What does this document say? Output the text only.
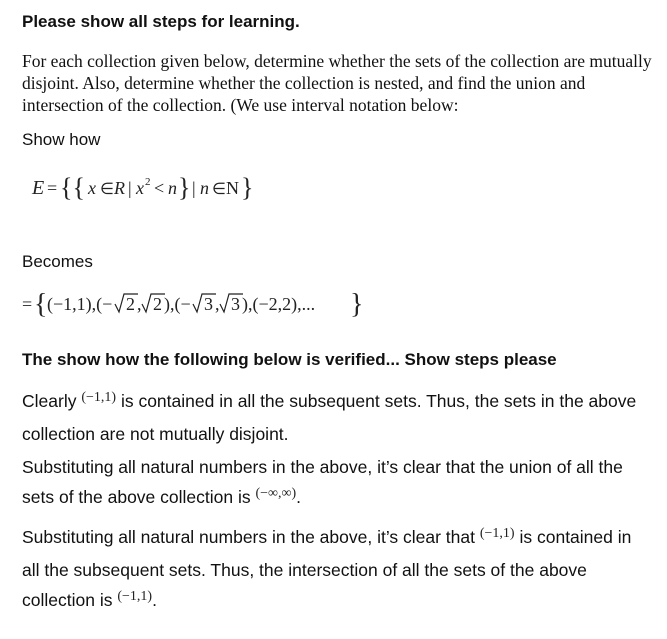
Please show all steps for learning.
For each collection given below, determine whether the sets of the collection are mutually disjoint. Also, determine whether the collection is nested, and find the union and intersection of the collection. (We use interval notation below:
Show how
E = {{ x ∈ R | x 2 < n } | n ∈ N }
Becomes
= { (−1,1),(− 2 , 2 ),(− 3 , 3 ),(−2,2),... }
The show how the following below is verified... Show steps please
Clearly $^{(-1,1)}$ is contained in all the subsequent sets. Thus, the sets in the above collection are not mutually disjoint.
Substituting all natural numbers in the above, it’s clear that the union of all the sets of the above collection is (−∞,∞).
Substituting all natural numbers in the above, it’s clear that $^{(-1,1)}$ is contained in all the subsequent sets. Thus, the intersection of all the sets of the above collection is $^{(-1,1)}$.
